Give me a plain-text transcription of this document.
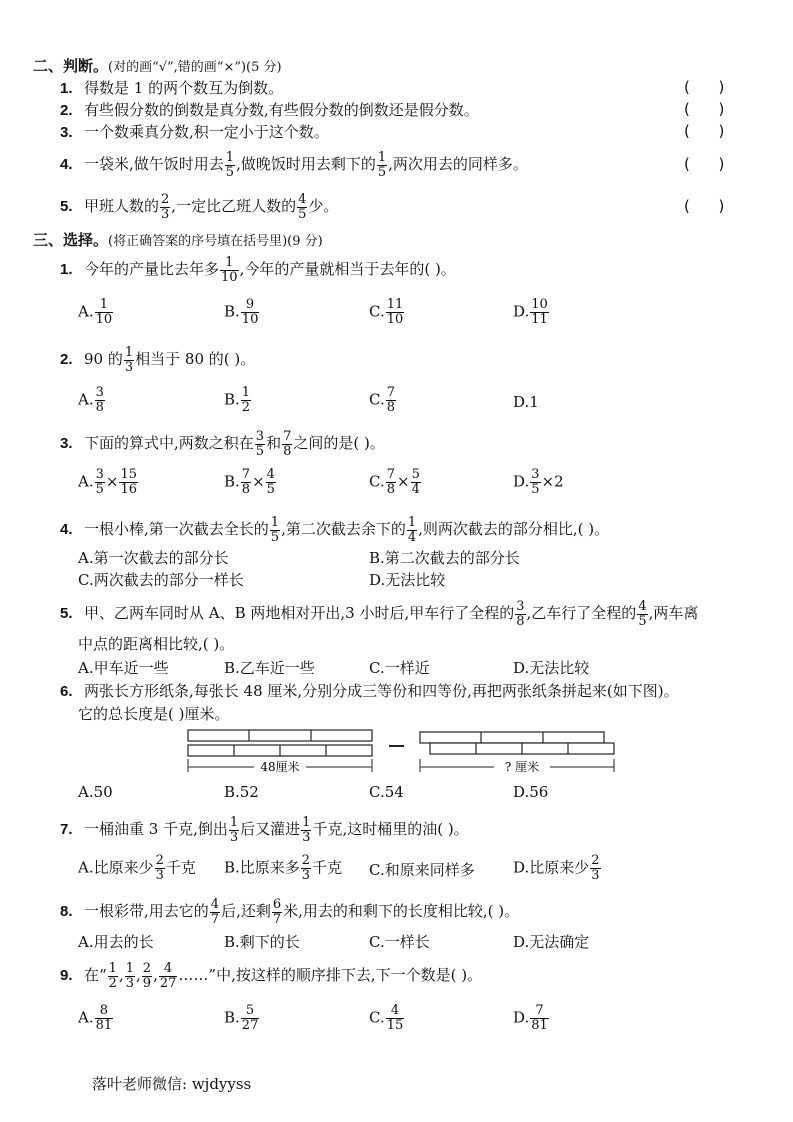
二、判断。(对的画“√”,错的画“×”)(5 分)
1. 得数是 1 的两个数互为倒数。	(      )
2. 有些假分数的倒数是真分数,有些假分数的倒数还是假分数。	(      )
3. 一个数乘真分数,积一定小于这个数。	(      )
4. 一袋米,做午饭时用去 $\frac{1}{5}$ ,做晚饭时用去剩下的 $\frac{1}{5}$ ,两次用去的同样多。	(      )
5. 甲班人数的 $\frac{2}{3}$ ,一定比乙班人数的 $\frac{4}{5}$ 少。	(      )
三、选择。(将正确答案的序号填在括号里)(9 分)
1. 今年的产量比去年多 $\frac{1}{10}$ ,今年的产量就相当于去年的( )。
A. $\frac{1}{10}$	B. $\frac{9}{10}$	C. $\frac{11}{10}$	D. $\frac{10}{11}$
2. 90 的 $\frac{1}{3}$ 相当于 80 的( )。
A. $\frac{3}{8}$	B. $\frac{1}{2}$	C. $\frac{7}{8}$	D.1
3. 下面的算式中,两数之积在 $\frac{3}{5}$ 和 $\frac{7}{8}$ 之间的是( )。
A. $\frac{3}{5} \times \frac{15}{16}$	B. $\frac{7}{8} \times \frac{4}{5}$	C. $\frac{7}{8} \times \frac{5}{4}$	D. $\frac{3}{5} \times 2$
4. 一根小棒,第一次截去全长的 $\frac{1}{5}$ ,第二次截去余下的 $\frac{1}{4}$ ,则两次截去的部分相比,( )。
A.第一次截去的部分长	B.第二次截去的部分长
C.两次截去的部分一样长	D.无法比较
5. 甲、乙两车同时从 A、B 两地相对开出,3 小时后,甲车行了全程的 $\frac{3}{8}$ ,乙车行了全程的 $\frac{4}{5}$ ,两车离
中点的距离相比较,( )。
A.甲车近一些	B.乙车近一些	C.一样近	D.无法比较
6. 两张长方形纸条,每张长 48 厘米,分别分成三等份和四等份,再把两张纸条拼起来(如下图)。
它的总长度是( )厘米。
48厘米	? 厘米
A.50	B.52	C.54	D.56
7. 一桶油重 3 千克,倒出 $\frac{1}{3}$ 后又灌进 $\frac{1}{3}$ 千克,这时桶里的油( )。
A.比原来少 $\frac{2}{3}$ 千克 B.比原来多 $\frac{2}{3}$ 千克 C.和原来同样多	D.比原来少 $\frac{2}{3}$
8. 一根彩带,用去它的 $\frac{4}{7}$ 后,还剩 $\frac{6}{7}$ 米,用去的和剩下的长度相比较,( )。
A.用去的长	B.剩下的长	C.一样长	D.无法确定
9. 在“ $\frac{1}{2}$ , $\frac{1}{3}$ , $\frac{2}{9}$ , $\frac{4}{27}$ ……”中,按这样的顺序排下去,下一个数是( )。
A. $\frac{8}{81}$	B. $\frac{5}{27}$	C. $\frac{4}{15}$	D. $\frac{7}{81}$
落叶老师微信: wjdyyss
